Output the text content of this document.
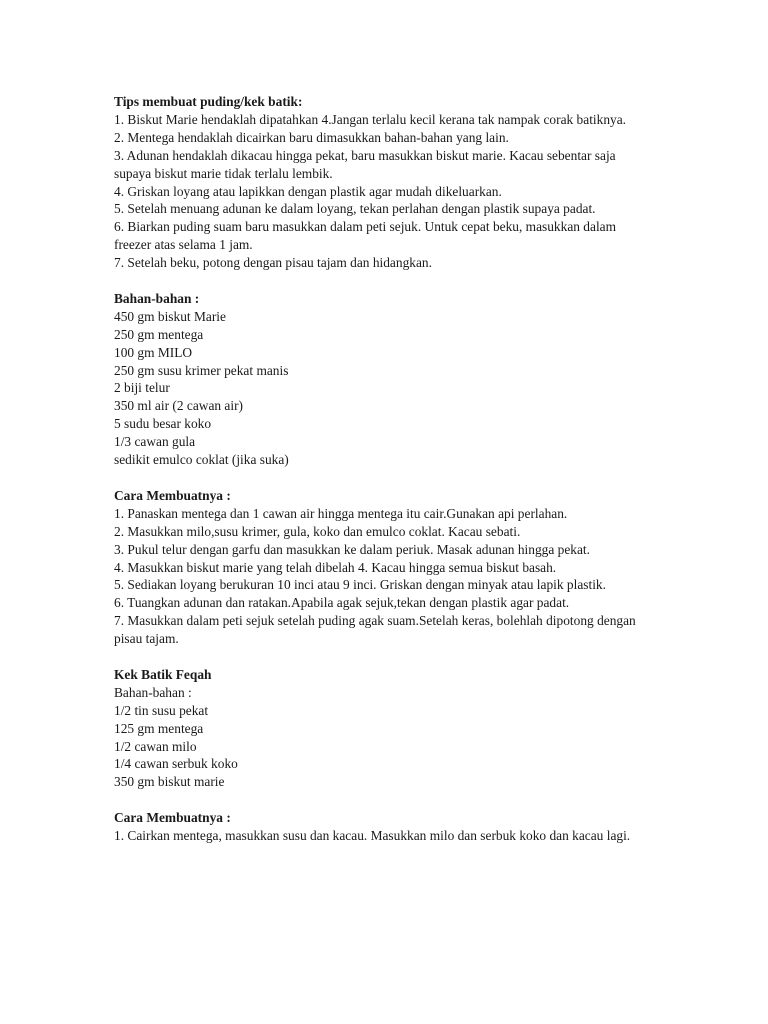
Tips membuat puding/kek batik:

1. Biskut Marie hendaklah dipatahkan 4.Jangan terlalu kecil kerana tak nampak corak batiknya.

2. Mentega hendaklah dicairkan baru dimasukkan bahan-bahan yang lain.

3. Adunan hendaklah dikacau hingga pekat, baru masukkan biskut marie. Kacau sebentar saja supaya biskut marie tidak terlalu lembik.

4. Griskan loyang atau lapikkan dengan plastik agar mudah dikeluarkan.

5. Setelah menuang adunan ke dalam loyang, tekan perlahan dengan plastik supaya padat.

6. Biarkan puding suam baru masukkan dalam peti sejuk. Untuk cepat beku, masukkan dalam freezer atas selama 1 jam.

7. Setelah beku, potong dengan pisau tajam dan hidangkan.

Bahan-bahan :

450 gm biskut Marie

250 gm mentega

100 gm MILO

250 gm susu krimer pekat manis

2 biji telur

350 ml air (2 cawan air)

5 sudu besar koko

1/3 cawan gula

sedikit emulco coklat (jika suka)

Cara Membuatnya :

1. Panaskan mentega dan 1 cawan air hingga mentega itu cair.Gunakan api perlahan.

2. Masukkan milo,susu krimer, gula, koko dan emulco coklat. Kacau sebati.

3. Pukul telur dengan garfu dan masukkan ke dalam periuk. Masak adunan hingga pekat.

4. Masukkan biskut marie yang telah dibelah 4. Kacau hingga semua biskut basah.

5. Sediakan loyang berukuran 10 inci atau 9 inci. Griskan dengan minyak atau lapik plastik.

6. Tuangkan adunan dan ratakan.Apabila agak sejuk,tekan dengan plastik agar padat.

7. Masukkan dalam peti sejuk setelah puding agak suam.Setelah keras, bolehlah dipotong dengan pisau tajam.

Kek Batik Feqah

Bahan-bahan :

1/2 tin susu pekat

125 gm mentega

1/2 cawan milo

1/4 cawan serbuk koko

350 gm biskut marie

Cara Membuatnya :

1. Cairkan mentega, masukkan susu dan kacau. Masukkan milo dan serbuk koko dan kacau lagi.
